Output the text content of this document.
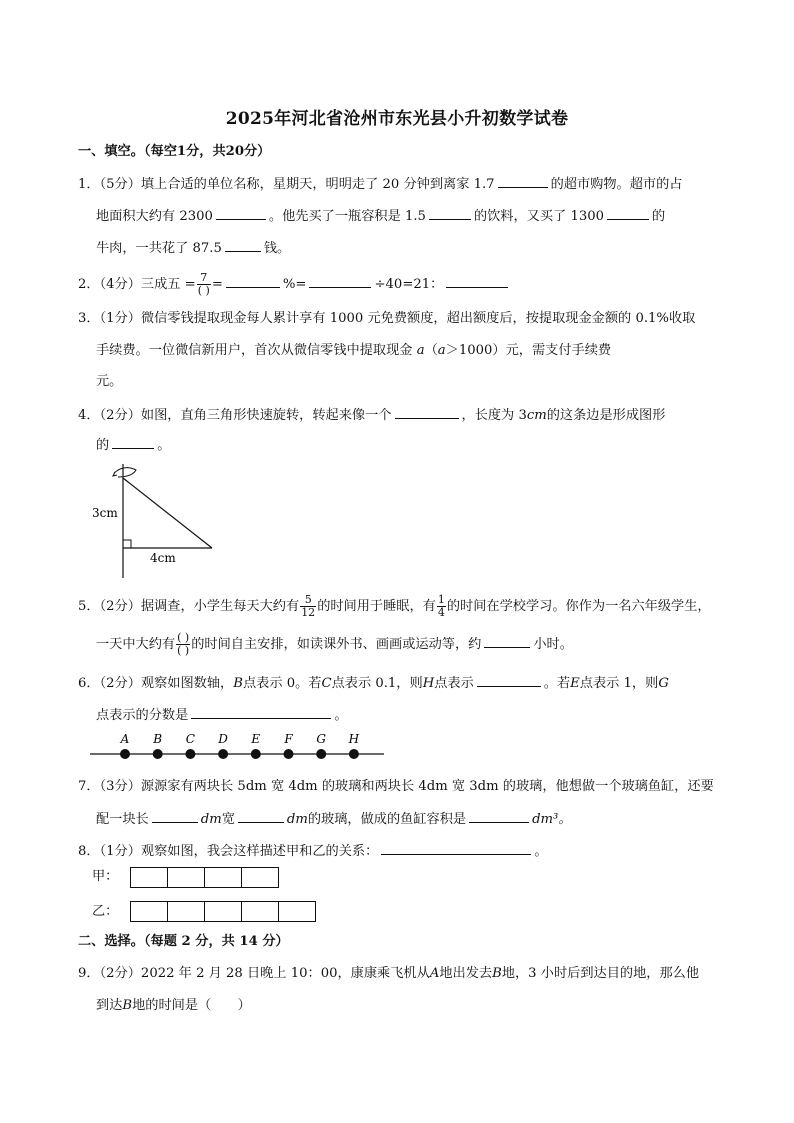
2025年河北省沧州市东光县小升初数学试卷
一、填空。（每空1分，共20分）
1．（5分）填上合适的单位名称，星期天，明明走了 20 分钟到离家 1.7	的超市购物。超市的占
地面积大约有 2300	。他先买了一瓶容积是 1.5	的饮料，又买了 1300	的
牛肉，一共花了 87.5	钱。
2．（4分）三成五 = $\frac{7}{( )}$ =	%=	÷40=21：
3．（1分）微信零钱提取现金每人累计享有 1000 元免费额度，超出额度后，按提取现金金额的 0.1%收取
手续费。一位微信新用户，首次从微信零钱中提取现金 a（a＞1000）元，需支付手续费
元。
4．（2分）如图，直角三角形快速旋转，转起来像一个	，长度为 3cm的这条边是形成图形
的	。
3cm
4cm
5．（2分）据调查，小学生每天大约有 $\frac{5}{12}$ 的时间用于睡眠，有 $\frac{1}{4}$ 的时间在学校学习。你作为一名六年级学生，
一天中大约有 $\frac{( )}{( )}$ 的时间自主安排，如读课外书、画画或运动等，约	小时。
6．（2分）观察如图数轴，B点表示 0。若C点表示 0.1，则H点表示	。若E点表示 1，则G
点表示的分数是	。
A B C D E F G H
7．（3分）源源家有两块长 5dm 宽 4dm 的玻璃和两块长 4dm 宽 3dm 的玻璃，他想做一个玻璃鱼缸，还要
配一块长	dm宽	dm的玻璃，做成的鱼缸容积是	dm³。
8．（1分）观察如图，我会这样描述甲和乙的关系：	。
甲：
乙：
二、选择。（每题 2 分，共 14 分）
9．（2分）2022 年 2 月 28 日晚上 10：00，康康乘飞机从A地出发去B地，3 小时后到达目的地，那么他
到达B地的时间是（　　）
